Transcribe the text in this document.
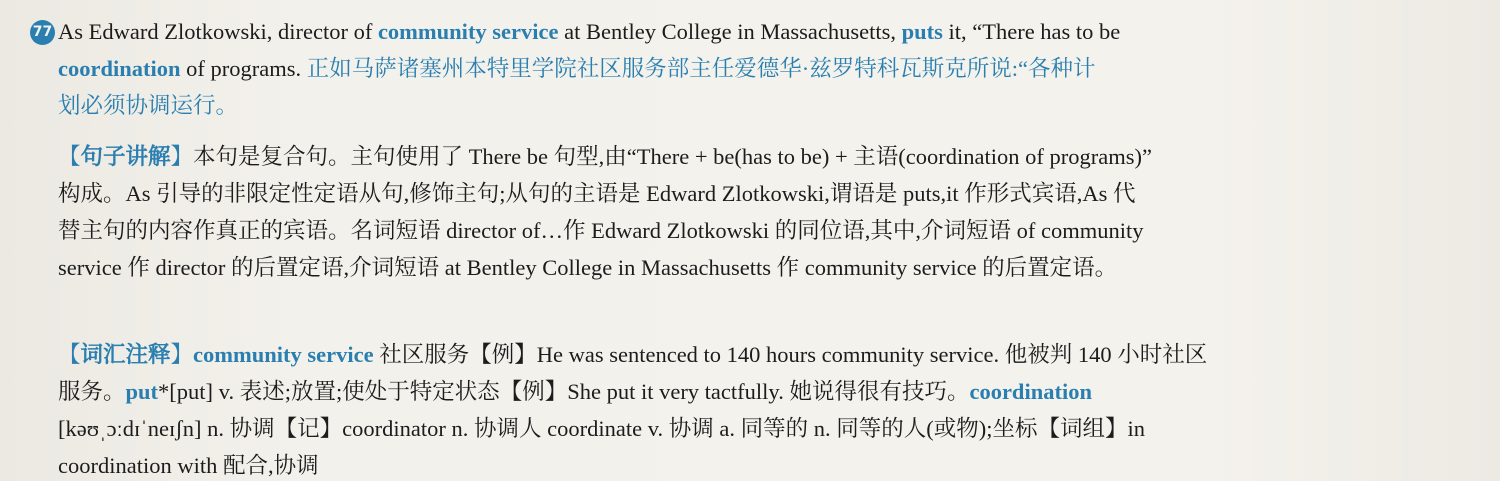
77 As Edward Zlotkowski, director of community service at Bentley College in Massachusetts, puts it, “There has to be
coordination of programs. 正如马萨诸塞州本特里学院社区服务部主任爱德华·兹罗特科瓦斯克所说:“各种计
划必须协调运行。
【句子讲解】本句是复合句。主句使用了 There be 句型,由“There + be(has to be) + 主语(coordination of programs)”
构成。As 引导的非限定性定语从句,修饰主句;从句的主语是 Edward Zlotkowski,谓语是 puts,it 作形式宾语,As 代
替主句的内容作真正的宾语。名词短语 director of…作 Edward Zlotkowski 的同位语,其中,介词短语 of community
service 作 director 的后置定语,介词短语 at Bentley College in Massachusetts 作 community service 的后置定语。
【词汇注释】community service 社区服务【例】He was sentenced to 140 hours community service. 他被判 140 小时社区
服务。put*[put] v. 表述;放置;使处于特定状态【例】She put it very tactfully. 她说得很有技巧。coordination
[kəʊˌɔːdɪˈneɪʃn] n. 协调【记】coordinator n. 协调人 coordinate v. 协调 a. 同等的 n. 同等的人(或物);坐标【词组】in
coordination with 配合,协调
